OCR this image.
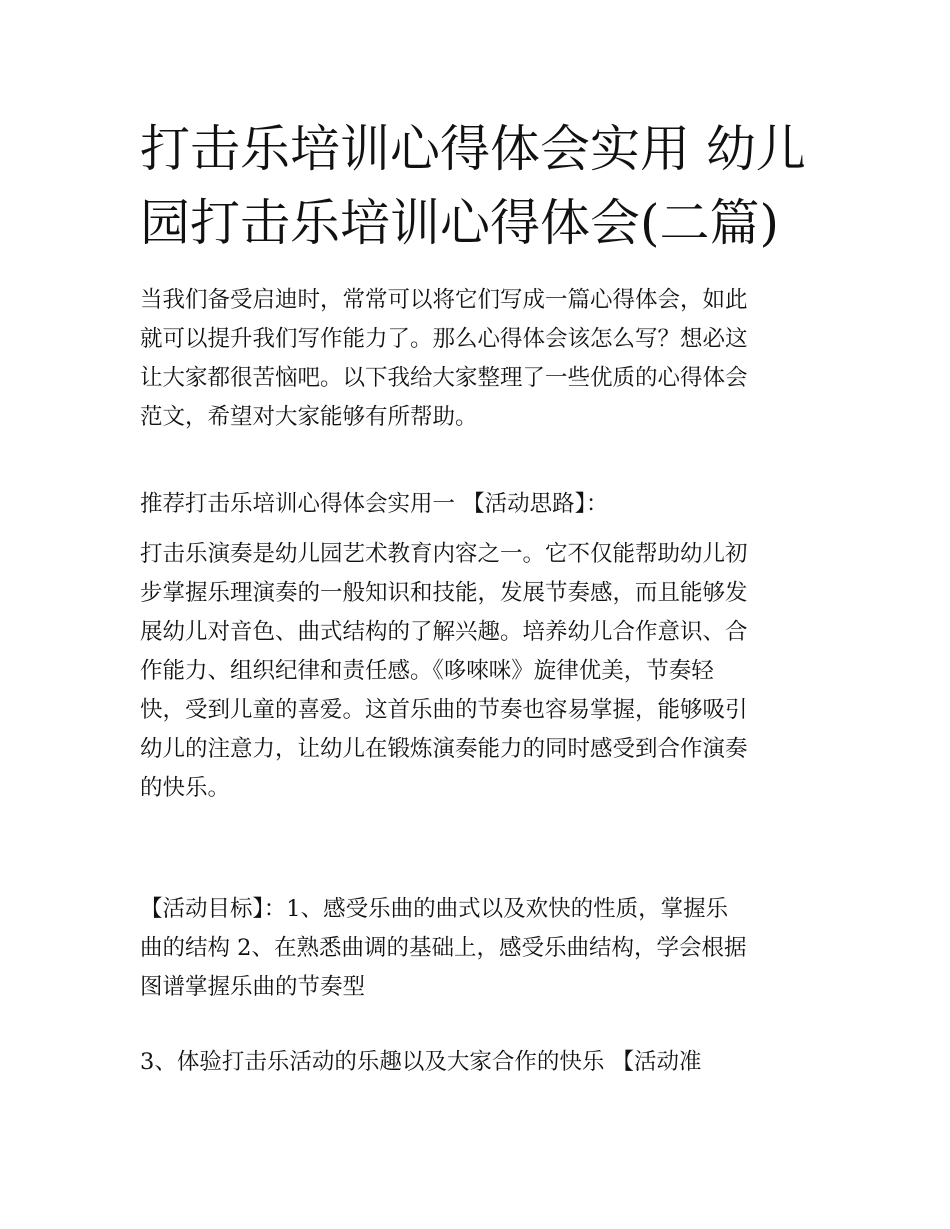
打击乐培训心得体会实用 幼儿
园打击乐培训心得体会(二篇)
当我们备受启迪时，常常可以将它们写成一篇心得体会，如此
就可以提升我们写作能力了。那么心得体会该怎么写？想必这
让大家都很苦恼吧。以下我给大家整理了一些优质的心得体会
范文，希望对大家能够有所帮助。
推荐打击乐培训心得体会实用一 【活动思路】：
打击乐演奏是幼儿园艺术教育内容之一。它不仅能帮助幼儿初
步掌握乐理演奏的一般知识和技能，发展节奏感，而且能够发
展幼儿对音色、曲式结构的了解兴趣。培养幼儿合作意识、合
作能力、组织纪律和责任感。《哆唻咪》旋律优美，节奏轻
快，受到儿童的喜爱。这首乐曲的节奏也容易掌握，能够吸引
幼儿的注意力，让幼儿在锻炼演奏能力的同时感受到合作演奏
的快乐。
【活动目标】：1、感受乐曲的曲式以及欢快的性质，掌握乐
曲的结构 2、在熟悉曲调的基础上，感受乐曲结构，学会根据
图谱掌握乐曲的节奏型
3、体验打击乐活动的乐趣以及大家合作的快乐 【活动准
